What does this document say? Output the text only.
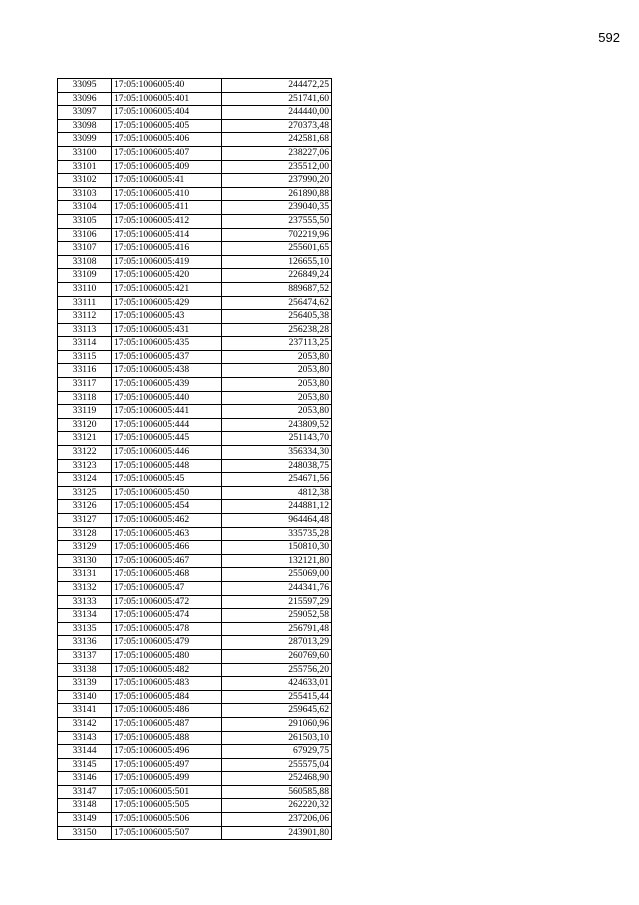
592
33095	17:05:1006005:40	244472,25
33096	17:05:1006005:401	251741,60
33097	17:05:1006005:404	244440,00
33098	17:05:1006005:405	270373,48
33099	17:05:1006005:406	242581,68
33100	17:05:1006005:407	238227,06
33101	17:05:1006005:409	235512,00
33102	17:05:1006005:41	237990,20
33103	17:05:1006005:410	261890,88
33104	17:05:1006005:411	239040,35
33105	17:05:1006005:412	237555,50
33106	17:05:1006005:414	702219,96
33107	17:05:1006005:416	255601,65
33108	17:05:1006005:419	126655,10
33109	17:05:1006005:420	226849,24
33110	17:05:1006005:421	889687,52
33111	17:05:1006005:429	256474,62
33112	17:05:1006005:43	256405,38
33113	17:05:1006005:431	256238,28
33114	17:05:1006005:435	237113,25
33115	17:05:1006005:437	2053,80
33116	17:05:1006005:438	2053,80
33117	17:05:1006005:439	2053,80
33118	17:05:1006005:440	2053,80
33119	17:05:1006005:441	2053,80
33120	17:05:1006005:444	243809,52
33121	17:05:1006005:445	251143,70
33122	17:05:1006005:446	356334,30
33123	17:05:1006005:448	248038,75
33124	17:05:1006005:45	254671,56
33125	17:05:1006005:450	4812,38
33126	17:05:1006005:454	244881,12
33127	17:05:1006005:462	964464,48
33128	17:05:1006005:463	335735,28
33129	17:05:1006005:466	150810,30
33130	17:05:1006005:467	132121,80
33131	17:05:1006005:468	255069,00
33132	17:05:1006005:47	244341,76
33133	17:05:1006005:472	215597,29
33134	17:05:1006005:474	259052,58
33135	17:05:1006005:478	256791,48
33136	17:05:1006005:479	287013,29
33137	17:05:1006005:480	260769,60
33138	17:05:1006005:482	255756,20
33139	17:05:1006005:483	424633,01
33140	17:05:1006005:484	255415,44
33141	17:05:1006005:486	259645,62
33142	17:05:1006005:487	291060,96
33143	17:05:1006005:488	261503,10
33144	17:05:1006005:496	67929,75
33145	17:05:1006005:497	255575,04
33146	17:05:1006005:499	252468,90
33147	17:05:1006005:501	560585,88
33148	17:05:1006005:505	262220,32
33149	17:05:1006005:506	237206,06
33150	17:05:1006005:507	243901,80
